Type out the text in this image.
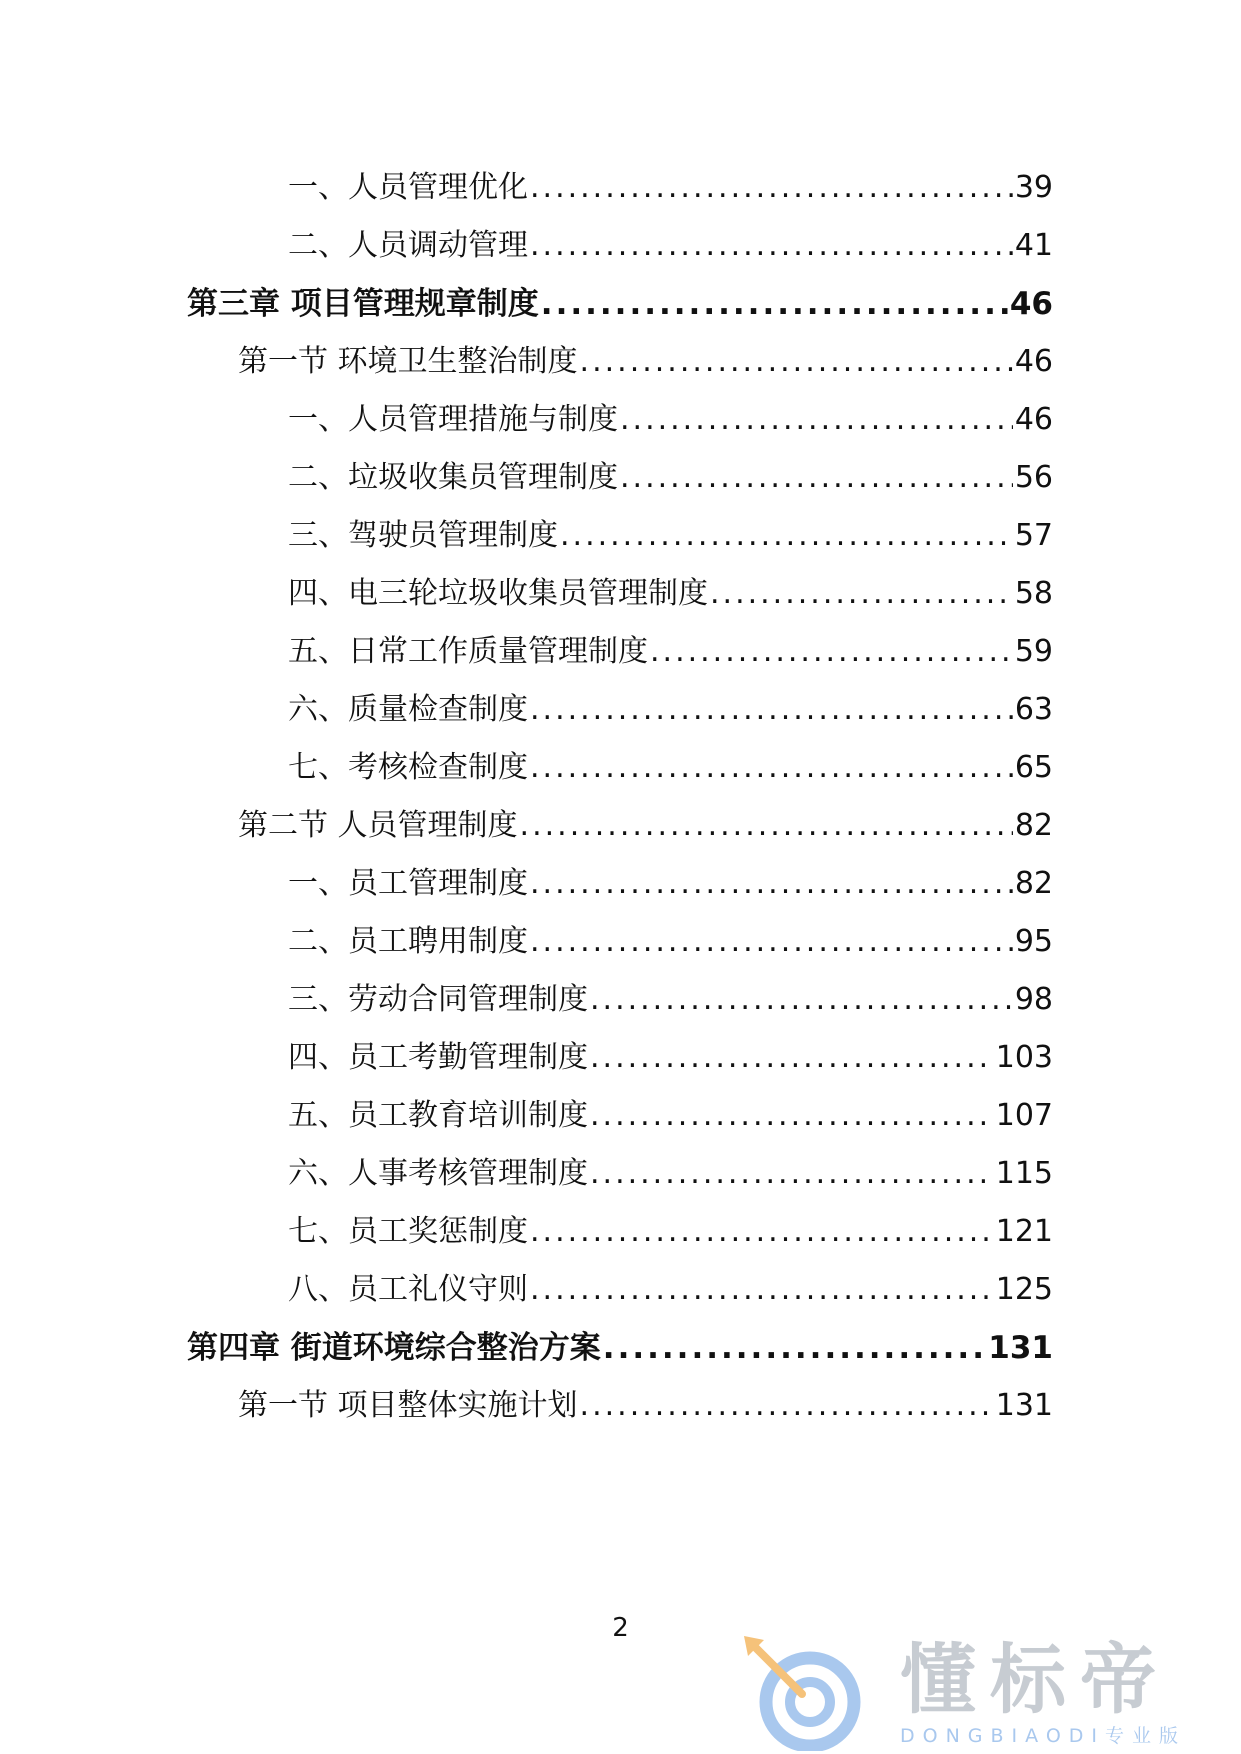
一、人员管理优化 .....	39
二、人员调动管理 .....	41
第三章 项目管理规章制度 .....	46
第一节 环境卫生整治制度 .....	46
一、人员管理措施与制度 .....	46
二、垃圾收集员管理制度 .....	56
三、驾驶员管理制度 .....	57
四、电三轮垃圾收集员管理制度 .....	58
五、日常工作质量管理制度 .....	59
六、质量检查制度 .....	63
七、考核检查制度 .....	65
第二节 人员管理制度 .....	82
一、员工管理制度 .....	82
二、员工聘用制度 .....	95
三、劳动合同管理制度 .....	98
四、员工考勤管理制度 .....	103
五、员工教育培训制度 .....	107
六、人事考核管理制度 .....	115
七、员工奖惩制度 .....	121
八、员工礼仪守则 .....	125
第四章 街道环境综合整治方案 .....	131
第一节 项目整体实施计划 .....	131
2
懂标帝
DONGBIAODI专业版
